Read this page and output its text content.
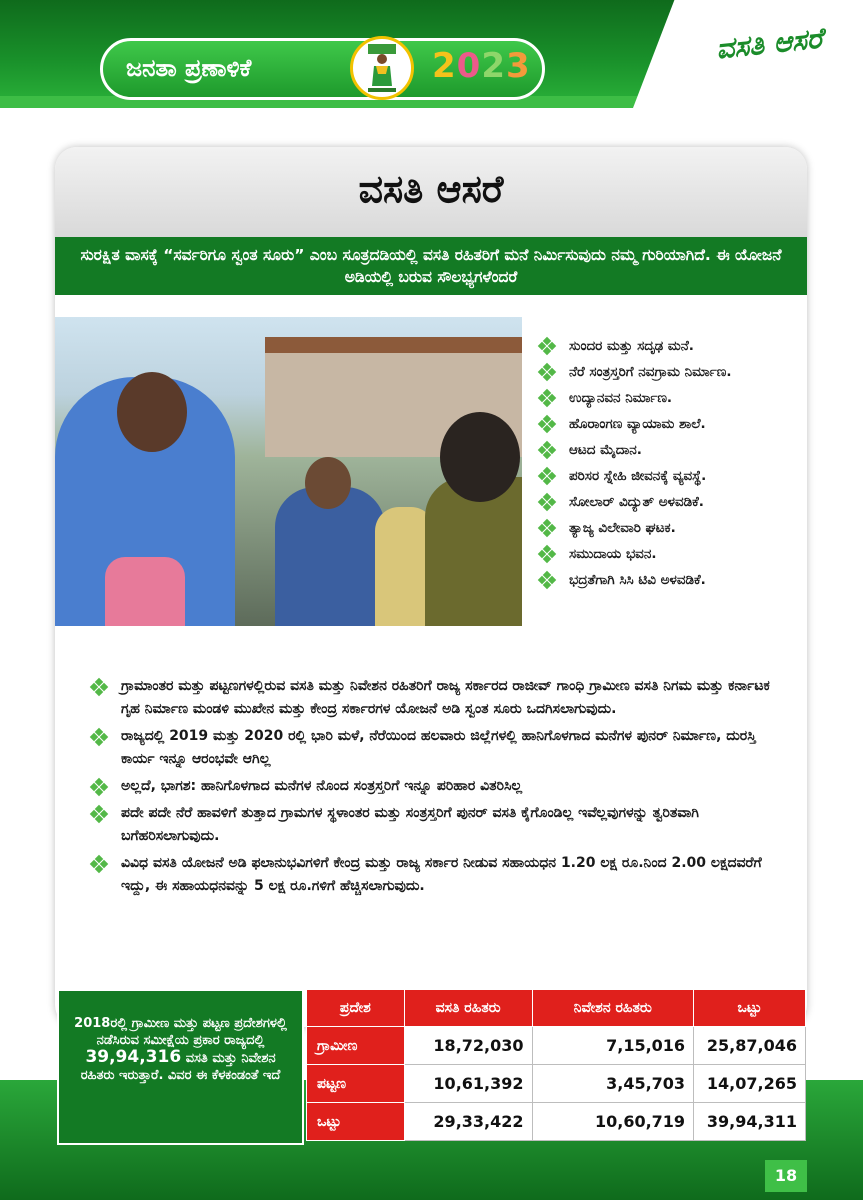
ಜನತಾ ಪ್ರಣಾಳಿಕೆ	2023
ವಸತಿ ಆಸರೆ
ವಸತಿ ಆಸರೆ
ಸುರಕ್ಷಿತ ವಾಸಕ್ಕೆ “ಸರ್ವರಿಗೂ ಸ್ವಂತ ಸೂರು” ಎಂಬ ಸೂತ್ರದಡಿಯಲ್ಲಿ ವಸತಿ ರಹಿತರಿಗೆ ಮನೆ ನಿರ್ಮಿಸುವುದು ನಮ್ಮ ಗುರಿಯಾಗಿದೆ. ಈ ಯೋಜನೆ ಅಡಿಯಲ್ಲಿ ಬರುವ ಸೌಲಭ್ಯಗಳೆಂದರೆ
ಸುಂದರ ಮತ್ತು ಸದೃಢ ಮನೆ.
ನೆರೆ ಸಂತ್ರಸ್ತರಿಗೆ ನವಗ್ರಾಮ ನಿರ್ಮಾಣ.
ಉದ್ಯಾನವನ ನಿರ್ಮಾಣ.
ಹೊರಾಂಗಣ ವ್ಯಾಯಾಮ ಶಾಲೆ.
ಆಟದ ಮೈದಾನ.
ಪರಿಸರ ಸ್ನೇಹಿ ಜೀವನಕ್ಕೆ ವ್ಯವಸ್ಥೆ.
ಸೋಲಾರ್ ವಿದ್ಯುತ್ ಅಳವಡಿಕೆ.
ತ್ಯಾಜ್ಯ ವಿಲೇವಾರಿ ಘಟಕ.
ಸಮುದಾಯ ಭವನ.
ಭದ್ರತೆಗಾಗಿ ಸಿಸಿ ಟಿವಿ ಅಳವಡಿಕೆ.
ಗ್ರಾಮಾಂತರ ಮತ್ತು ಪಟ್ಟಣಗಳಲ್ಲಿರುವ ವಸತಿ ಮತ್ತು ನಿವೇಶನ ರಹಿತರಿಗೆ ರಾಜ್ಯ ಸರ್ಕಾರದ ರಾಜೀವ್ ಗಾಂಧಿ ಗ್ರಾಮೀಣ ವಸತಿ ನಿಗಮ ಮತ್ತು ಕರ್ನಾಟಕ ಗೃಹ ನಿರ್ಮಾಣ ಮಂಡಳಿ ಮುಖೇನ ಮತ್ತು ಕೇಂದ್ರ ಸರ್ಕಾರಗಳ ಯೋಜನೆ ಅಡಿ ಸ್ವಂತ ಸೂರು ಒದಗಿಸಲಾಗುವುದು.
ರಾಜ್ಯದಲ್ಲಿ 2019 ಮತ್ತು 2020 ರಲ್ಲಿ ಭಾರಿ ಮಳೆ, ನೆರೆಯಿಂದ ಹಲವಾರು ಜಿಲ್ಲೆಗಳಲ್ಲಿ ಹಾನಿಗೊಳಗಾದ ಮನೆಗಳ ಪುನರ್ ನಿರ್ಮಾಣ, ದುರಸ್ತಿ ಕಾರ್ಯ ಇನ್ನೂ ಆರಂಭವೇ ಆಗಿಲ್ಲ
ಅಲ್ಲದೆ, ಭಾಗಶ: ಹಾನಿಗೊಳಗಾದ ಮನೆಗಳ ನೊಂದ ಸಂತ್ರಸ್ತರಿಗೆ ಇನ್ನೂ ಪರಿಹಾರ ವಿತರಿಸಿಲ್ಲ
ಪದೇ ಪದೇ ನೆರೆ ಹಾವಳಿಗೆ ತುತ್ತಾದ ಗ್ರಾಮಗಳ ಸ್ಥಳಾಂತರ ಮತ್ತು ಸಂತ್ರಸ್ತರಿಗೆ ಪುನರ್ ವಸತಿ ಕೈಗೊಂಡಿಲ್ಲ ಇವೆಲ್ಲವುಗಳನ್ನು ತ್ವರಿತವಾಗಿ ಬಗೆಹರಿಸಲಾಗುವುದು.
ವಿವಿಧ ವಸತಿ ಯೋಜನೆ ಅಡಿ ಫಲಾನುಭವಿಗಳಿಗೆ ಕೇಂದ್ರ ಮತ್ತು ರಾಜ್ಯ ಸರ್ಕಾರ ನೀಡುವ ಸಹಾಯಧನ 1.20 ಲಕ್ಷ ರೂ.ನಿಂದ 2.00 ಲಕ್ಷದವರೆಗೆ ಇದ್ದು, ಈ ಸಹಾಯಧನವನ್ನು 5 ಲಕ್ಷ ರೂ.ಗಳಿಗೆ ಹೆಚ್ಚಿಸಲಾಗುವುದು.
2018ರಲ್ಲಿ ಗ್ರಾಮೀಣ ಮತ್ತು ಪಟ್ಟಣ ಪ್ರದೇಶಗಳಲ್ಲಿ ನಡೆಸಿರುವ ಸಮೀಕ್ಷೆಯ ಪ್ರಕಾರ ರಾಜ್ಯದಲ್ಲಿ 39,94,316 ವಸತಿ ಮತ್ತು ನಿವೇಶನ ರಹಿತರು ಇರುತ್ತಾರೆ. ವಿವರ ಈ ಕೆಳಕಂಡಂತೆ ಇದೆ
ಪ್ರದೇಶ	ವಸತಿ ರಹಿತರು	ನಿವೇಶನ ರಹಿತರು	ಒಟ್ಟು
ಗ್ರಾಮೀಣ	18,72,030	7,15,016	25,87,046
ಪಟ್ಟಣ	10,61,392	3,45,703	14,07,265
ಒಟ್ಟು	29,33,422	10,60,719	39,94,311
18
